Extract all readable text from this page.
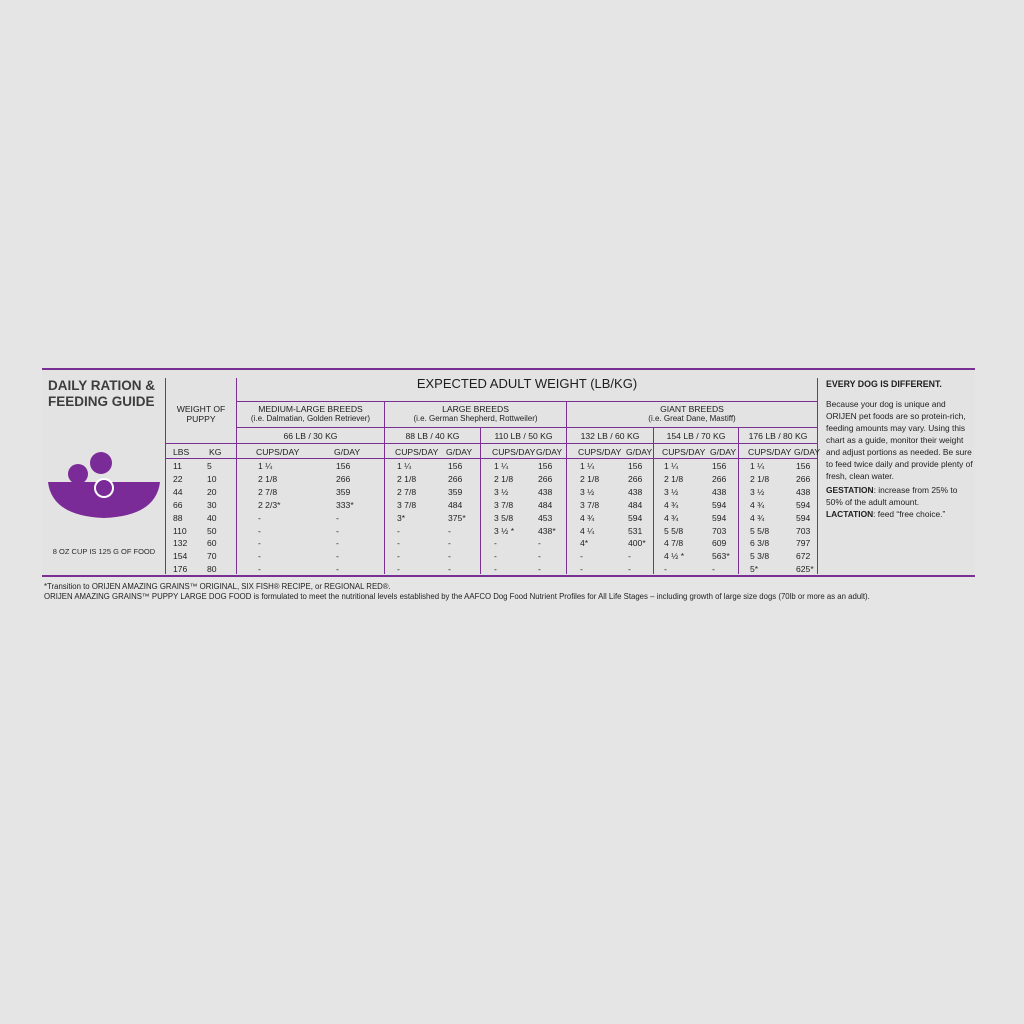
DAILY RATION &
FEEDING GUIDE
8 OZ CUP IS 125 G OF FOOD
EXPECTED ADULT WEIGHT (LB/KG)
WEIGHT OF
PUPPY
MEDIUM-LARGE BREEDS
(i.e. Dalmatian, Golden Retriever)
LARGE BREEDS
(i.e. German Shepherd, Rottweiler)
GIANT BREEDS
(i.e. Great Dane, Mastiff)
66 LB / 30 KG	88 LB / 40 KG	110 LB / 50 KG	132 LB / 60 KG	154 LB / 70 KG	176 LB / 80 KG
LBS KG	CUPS/DAY	G/DAY	CUPS/DAY G/DAY CUPS/DAY G/DAY CUPS/DAY G/DAY CUPS/DAY G/DAY CUPS/DAY G/DAY
11	5	1 ¼	156	1 ¼	156	1 ¼	156	1 ¼	156	1 ¼	156	1 ¼	156
22	10	2 1/8	266	2 1/8	266	2 1/8	266	2 1/8	266	2 1/8	266	2 1/8	266
44	20	2 7/8	359	2 7/8	359	3 ½	438	3 ½	438	3 ½	438	3 ½	438
66	30	2 2/3*	333*	3 7/8	484	3 7/8	484	3 7/8	484	4 ¾	594	4 ¾	594
88	40	-	-	3*	375*	3 5/8	453	4 ¾	594	4 ¾	594	4 ¾	594
110 50	-	-	-	-	3 ½ *	438*	4 ¼	531	5 5/8	703	5 5/8	703
132 60	-	-	-	-	-	-	4*	400* 4 7/8	609	6 3/8	797
154 70	-	-	-	-	-	-	-	-	4 ½ *	563* 5 3/8	672
176 80	-	-	-	-	-	-	-	-	-	-	5*	625*
EVERY DOG IS DIFFERENT.
Because your dog is unique and ORIJEN pet foods are so protein-rich, feeding amounts may vary. Using this chart as a guide, monitor their weight and adjust portions as needed. Be sure to feed twice daily and provide plenty of fresh, clean water.
GESTATION: increase from 25% to 50% of the adult amount.
LACTATION: feed “free choice.”
*Transition to ORIJEN AMAZING GRAINS™ ORIGINAL, SIX FISH® RECIPE, or REGIONAL RED®.
ORIJEN AMAZING GRAINS™ PUPPY LARGE DOG FOOD is formulated to meet the nutritional levels established by the AAFCO Dog Food Nutrient Profiles for All Life Stages – including growth of large size dogs (70lb or more as an adult).
